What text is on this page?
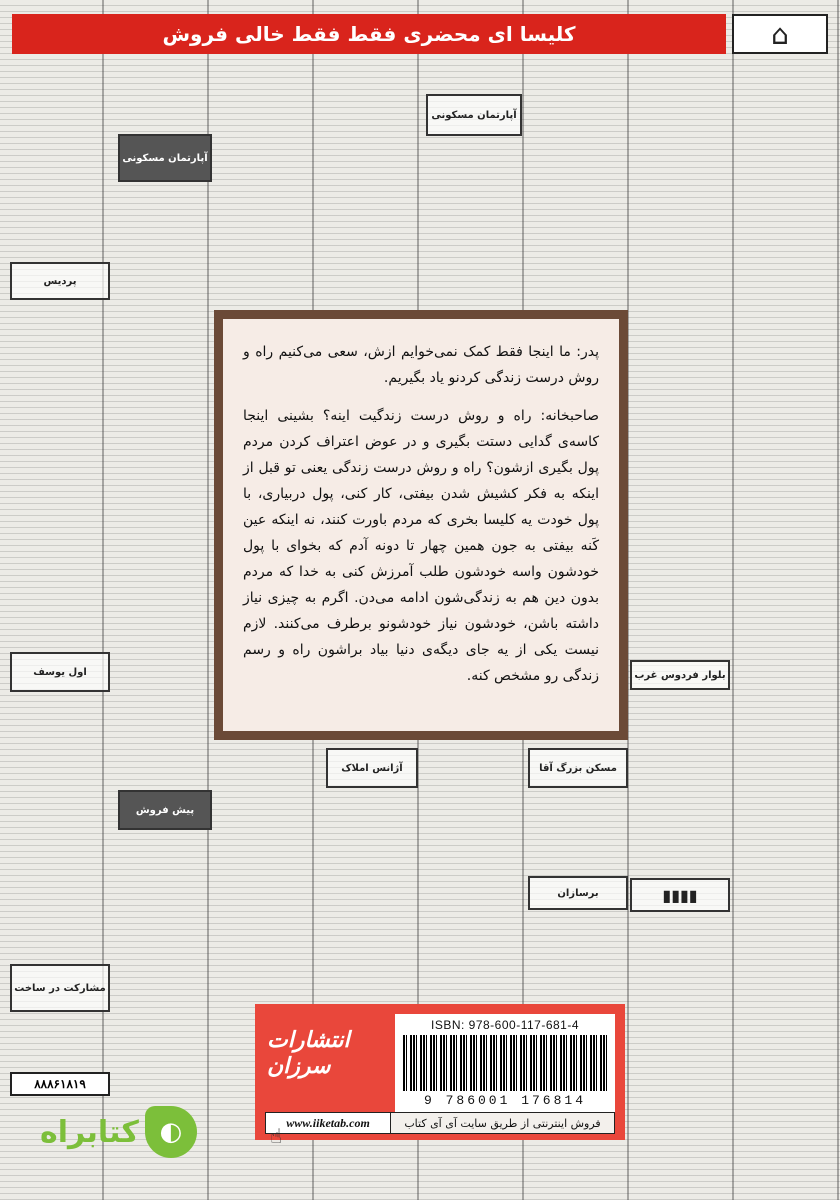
کلیسا ای محضری فقط فقط خالی فروش	⌂
پردیس
آپارتمان مسکونی
آپارتمان مسکونی
آژانس املاک
پیش فروش
مشارکت در ساخت
اول یوسف	بلوار فردوس غرب
برسازان
مسکن بزرگ آقا
▮▮▮▮
۸۸۸۶۱۸۱۹

پدر: ما اینجا فقط کمک نمی‌خوایم ازش، سعی می‌کنیم راه و روش درست زندگی کردنو یاد بگیریم.

صاحبخانه: راه و روش درست زندگیت اینه؟ بشینی اینجا کاسه‌ی گدایی دستت بگیری و در عوض اعتراف کردن مردم پول بگیری ازشون؟ راه و روش درست زندگی یعنی تو قبل از اینکه به فکر کشیش شدن بیفتی، کار کنی، پول دربیاری، با پول خودت یه کلیسا بخری که مردم باورت کنند، نه اینکه عین کَنه بیفتی به جون همین چهار تا دونه آدم که بخوای با پول خودشون واسه خودشون طلب آمرزش کنی به خدا که مردم بدون دین هم به زندگی‌شون ادامه می‌دن. اگرم به چیزی نیاز داشته باشن، خودشون نیاز خودشونو برطرف می‌کنند. لازم نیست یکی از یه جای دیگه‌ی دنیا بیاد براشون راه و رسم زندگی رو مشخص کنه.

انتشارات سرزان
ISBN: 978-600-117-681-4
9 786001 176814
www.iiketab.com	فروش اینترنتی از طریق سایت آی آی کتاب
☝
کتابراه ◐
